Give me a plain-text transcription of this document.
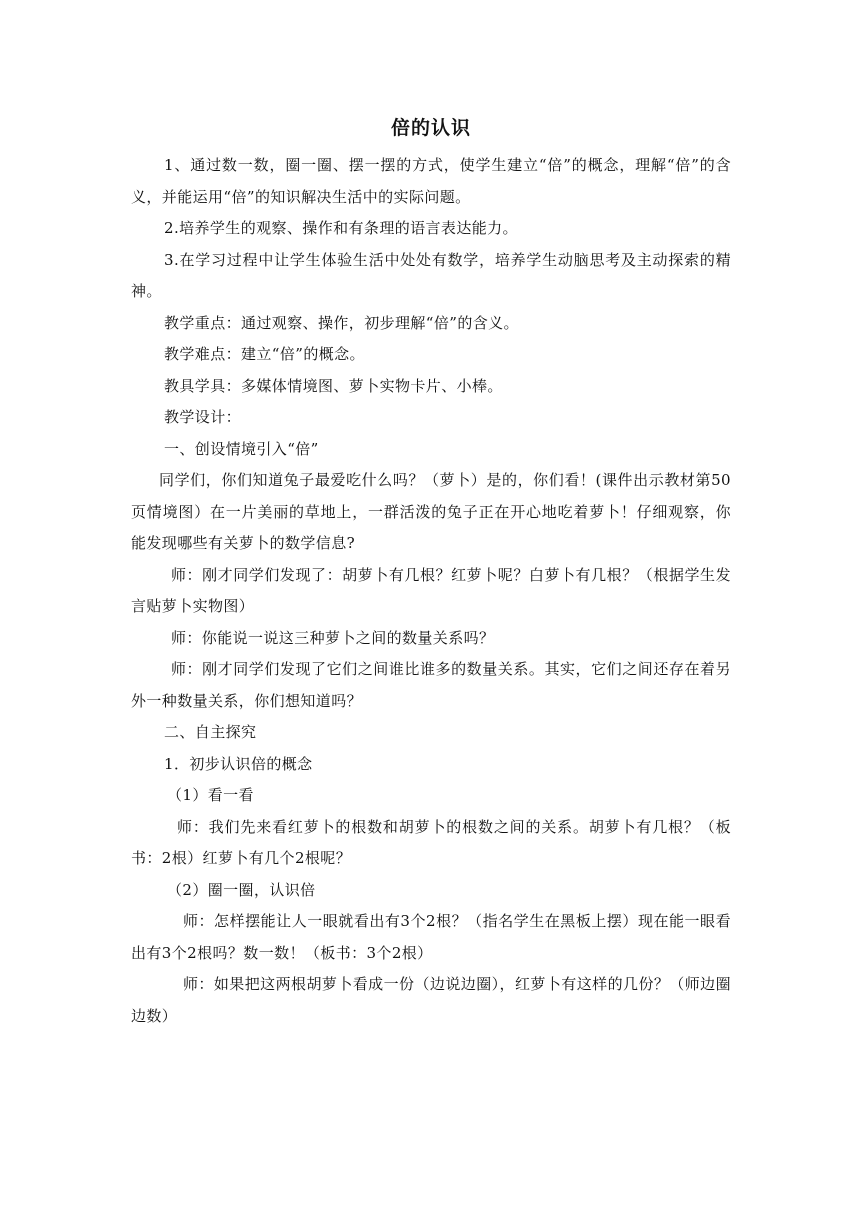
倍的认识

1、通过数一数，圈一圈、摆一摆的方式，使学生建立“倍”的概念，理解“倍”的含义，并能运用“倍”的知识解决生活中的实际问题。

2.培养学生的观察、操作和有条理的语言表达能力。

3.在学习过程中让学生体验生活中处处有数学，培养学生动脑思考及主动探索的精神。

教学重点：通过观察、操作，初步理解“倍”的含义。

教学难点：建立“倍”的概念。

教具学具：多媒体情境图、萝卜实物卡片、小棒。

教学设计：

一、创设情境引入“倍”

同学们，你们知道兔子最爱吃什么吗？（萝卜）是的，你们看！(课件出示教材第50页情境图）在一片美丽的草地上，一群活泼的兔子正在开心地吃着萝卜！仔细观察，你能发现哪些有关萝卜的数学信息?

师：刚才同学们发现了：胡萝卜有几根？红萝卜呢？白萝卜有几根？（根据学生发言贴萝卜实物图）

师：你能说一说这三种萝卜之间的数量关系吗？

师：刚才同学们发现了它们之间谁比谁多的数量关系。其实，它们之间还存在着另外一种数量关系，你们想知道吗？

二、自主探究

1．初步认识倍的概念

（1）看一看

师：我们先来看红萝卜的根数和胡萝卜的根数之间的关系。胡萝卜有几根？（板书：2根）红萝卜有几个2根呢？

（2）圈一圈，认识倍

师：怎样摆能让人一眼就看出有3个2根？（指名学生在黑板上摆）现在能一眼看出有3个2根吗？数一数！（板书：3个2根）

师：如果把这两根胡萝卜看成一份（边说边圈），红萝卜有这样的几份？（师边圈边数）
